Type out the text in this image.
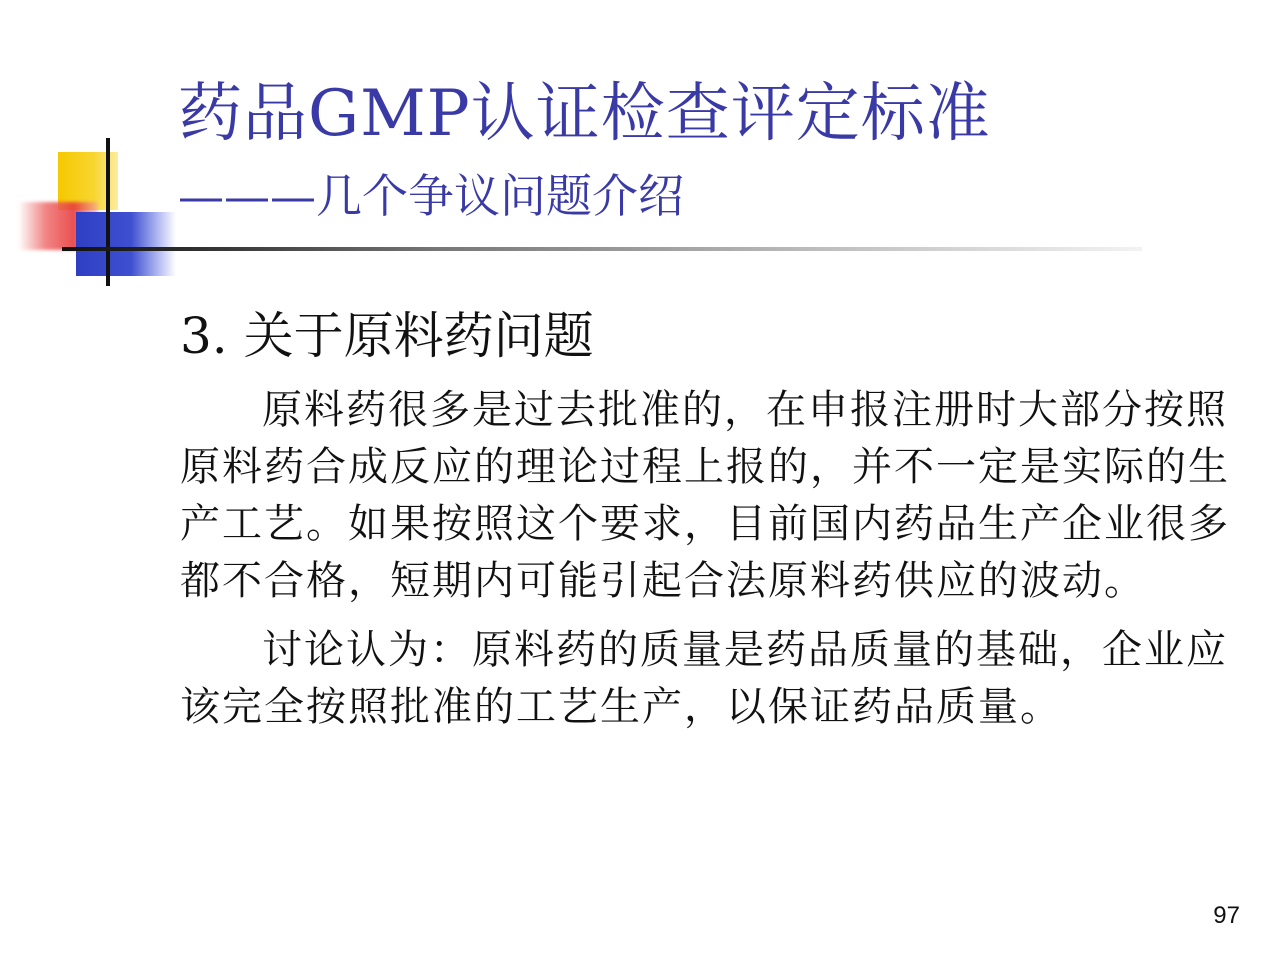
药品GMP认证检查评定标准
———几个争议问题介绍
3. 关于原料药问题

原料药很多是过去批准的，在申报注册时大部分按照原料药合成反应的理论过程上报的，并不一定是实际的生产工艺。如果按照这个要求，目前国内药品生产企业很多都不合格，短期内可能引起合法原料药供应的波动。

讨论认为：原料药的质量是药品质量的基础，企业应该完全按照批准的工艺生产，以保证药品质量。

97
